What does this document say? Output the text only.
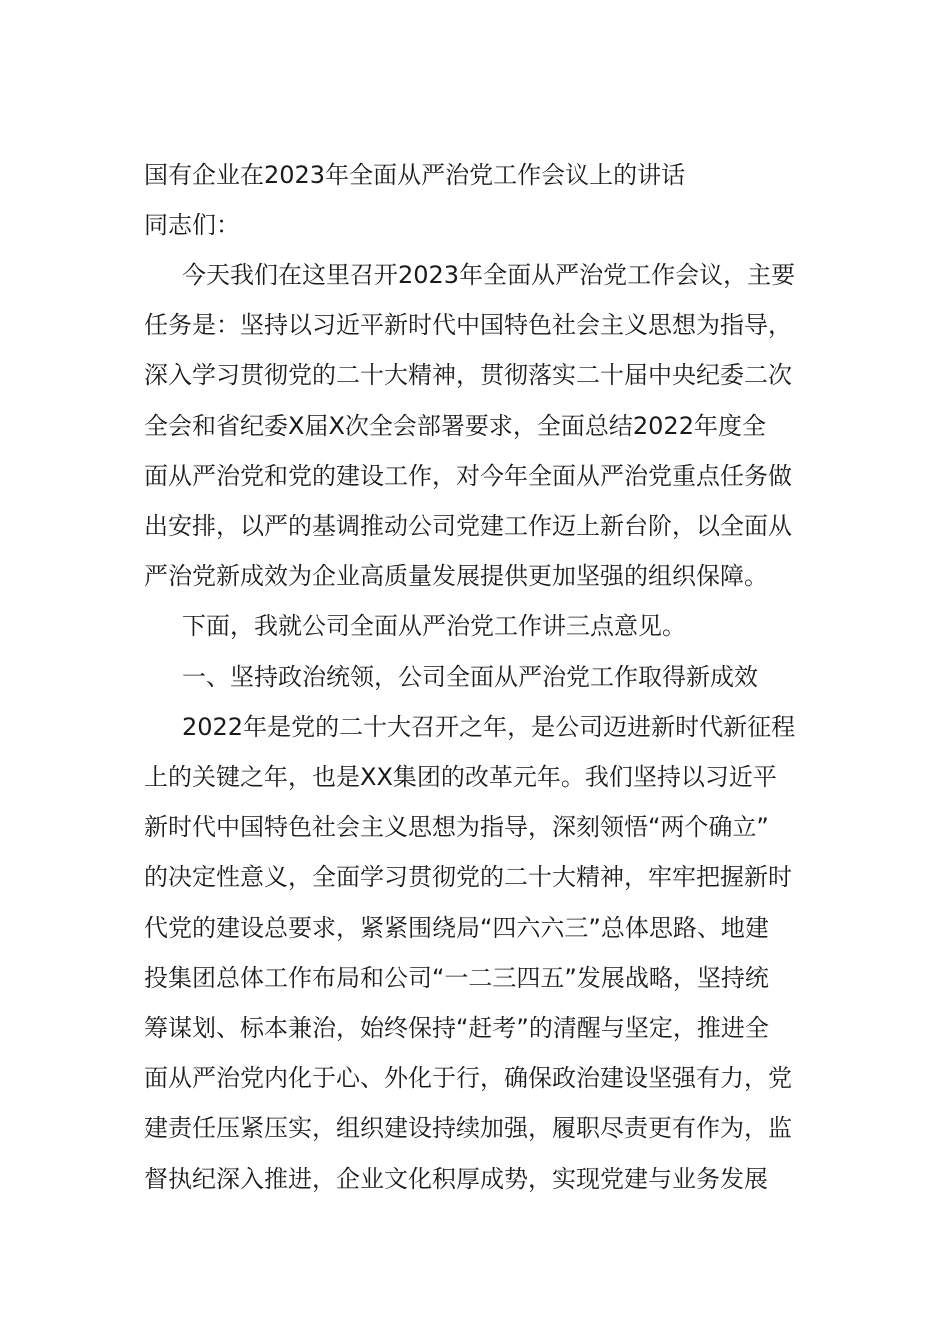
国有企业在2023年全面从严治党工作会议上的讲话

同志们：

今天我们在这里召开2023年全面从严治党工作会议，主要
任务是：坚持以习近平新时代中国特色社会主义思想为指导，
深入学习贯彻党的二十大精神，贯彻落实二十届中央纪委二次
全会和省纪委X届X次全会部署要求，全面总结2022年度全
面从严治党和党的建设工作，对今年全面从严治党重点任务做
出安排，以严的基调推动公司党建工作迈上新台阶，以全面从
严治党新成效为企业高质量发展提供更加坚强的组织保障。

下面，我就公司全面从严治党工作讲三点意见。

一、坚持政治统领，公司全面从严治党工作取得新成效

2022年是党的二十大召开之年，是公司迈进新时代新征程
上的关键之年，也是XX集团的改革元年。我们坚持以习近平
新时代中国特色社会主义思想为指导，深刻领悟“两个确立”
的决定性意义，全面学习贯彻党的二十大精神，牢牢把握新时
代党的建设总要求，紧紧围绕局“四六六三”总体思路、地建
投集团总体工作布局和公司“一二三四五”发展战略，坚持统
筹谋划、标本兼治，始终保持“赶考”的清醒与坚定，推进全
面从严治党内化于心、外化于行，确保政治建设坚强有力，党
建责任压紧压实，组织建设持续加强，履职尽责更有作为，监
督执纪深入推进，企业文化积厚成势，实现党建与业务发展
